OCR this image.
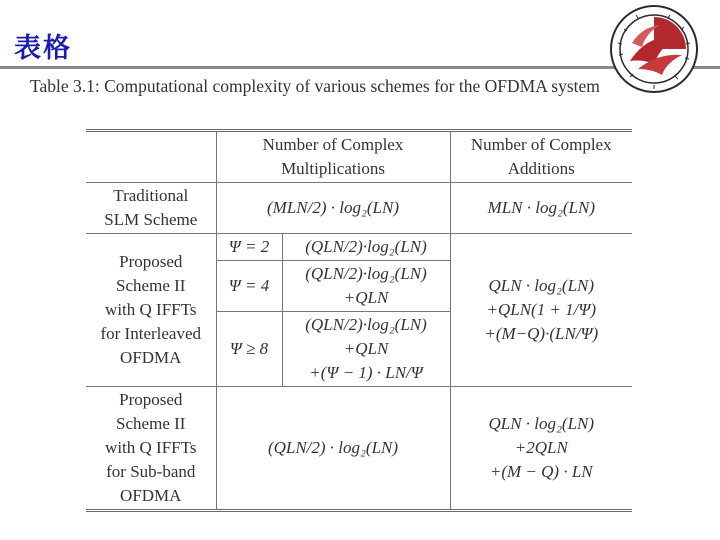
表格
Table 3.1: Computational complexity of various schemes for the OFDMA system

	Number of Complex
Multiplications		Number of Complex
Additions

Traditional
SLM Scheme	(MLN/2) · log₂(LN)		MLN · log₂(LN)

Proposed
Scheme II
with Q IFFTs
for Interleaved
OFDMA	Ψ = 2	(QLN/2)·log₂(LN)	QLN · log₂(LN)
+QLN(1 + 1/Ψ)
+(M−Q)·(LN/Ψ)

	Ψ = 4	(QLN/2)·log₂(LN)
+QLN	

	Ψ ≥ 8	(QLN/2)·log₂(LN)
+QLN
+(Ψ − 1) · LN/Ψ	

Proposed
Scheme II
with Q IFFTs
for Sub-band
OFDMA	(QLN/2) · log₂(LN)		QLN · log₂(LN)
+2QLN
+(M − Q) · LN
